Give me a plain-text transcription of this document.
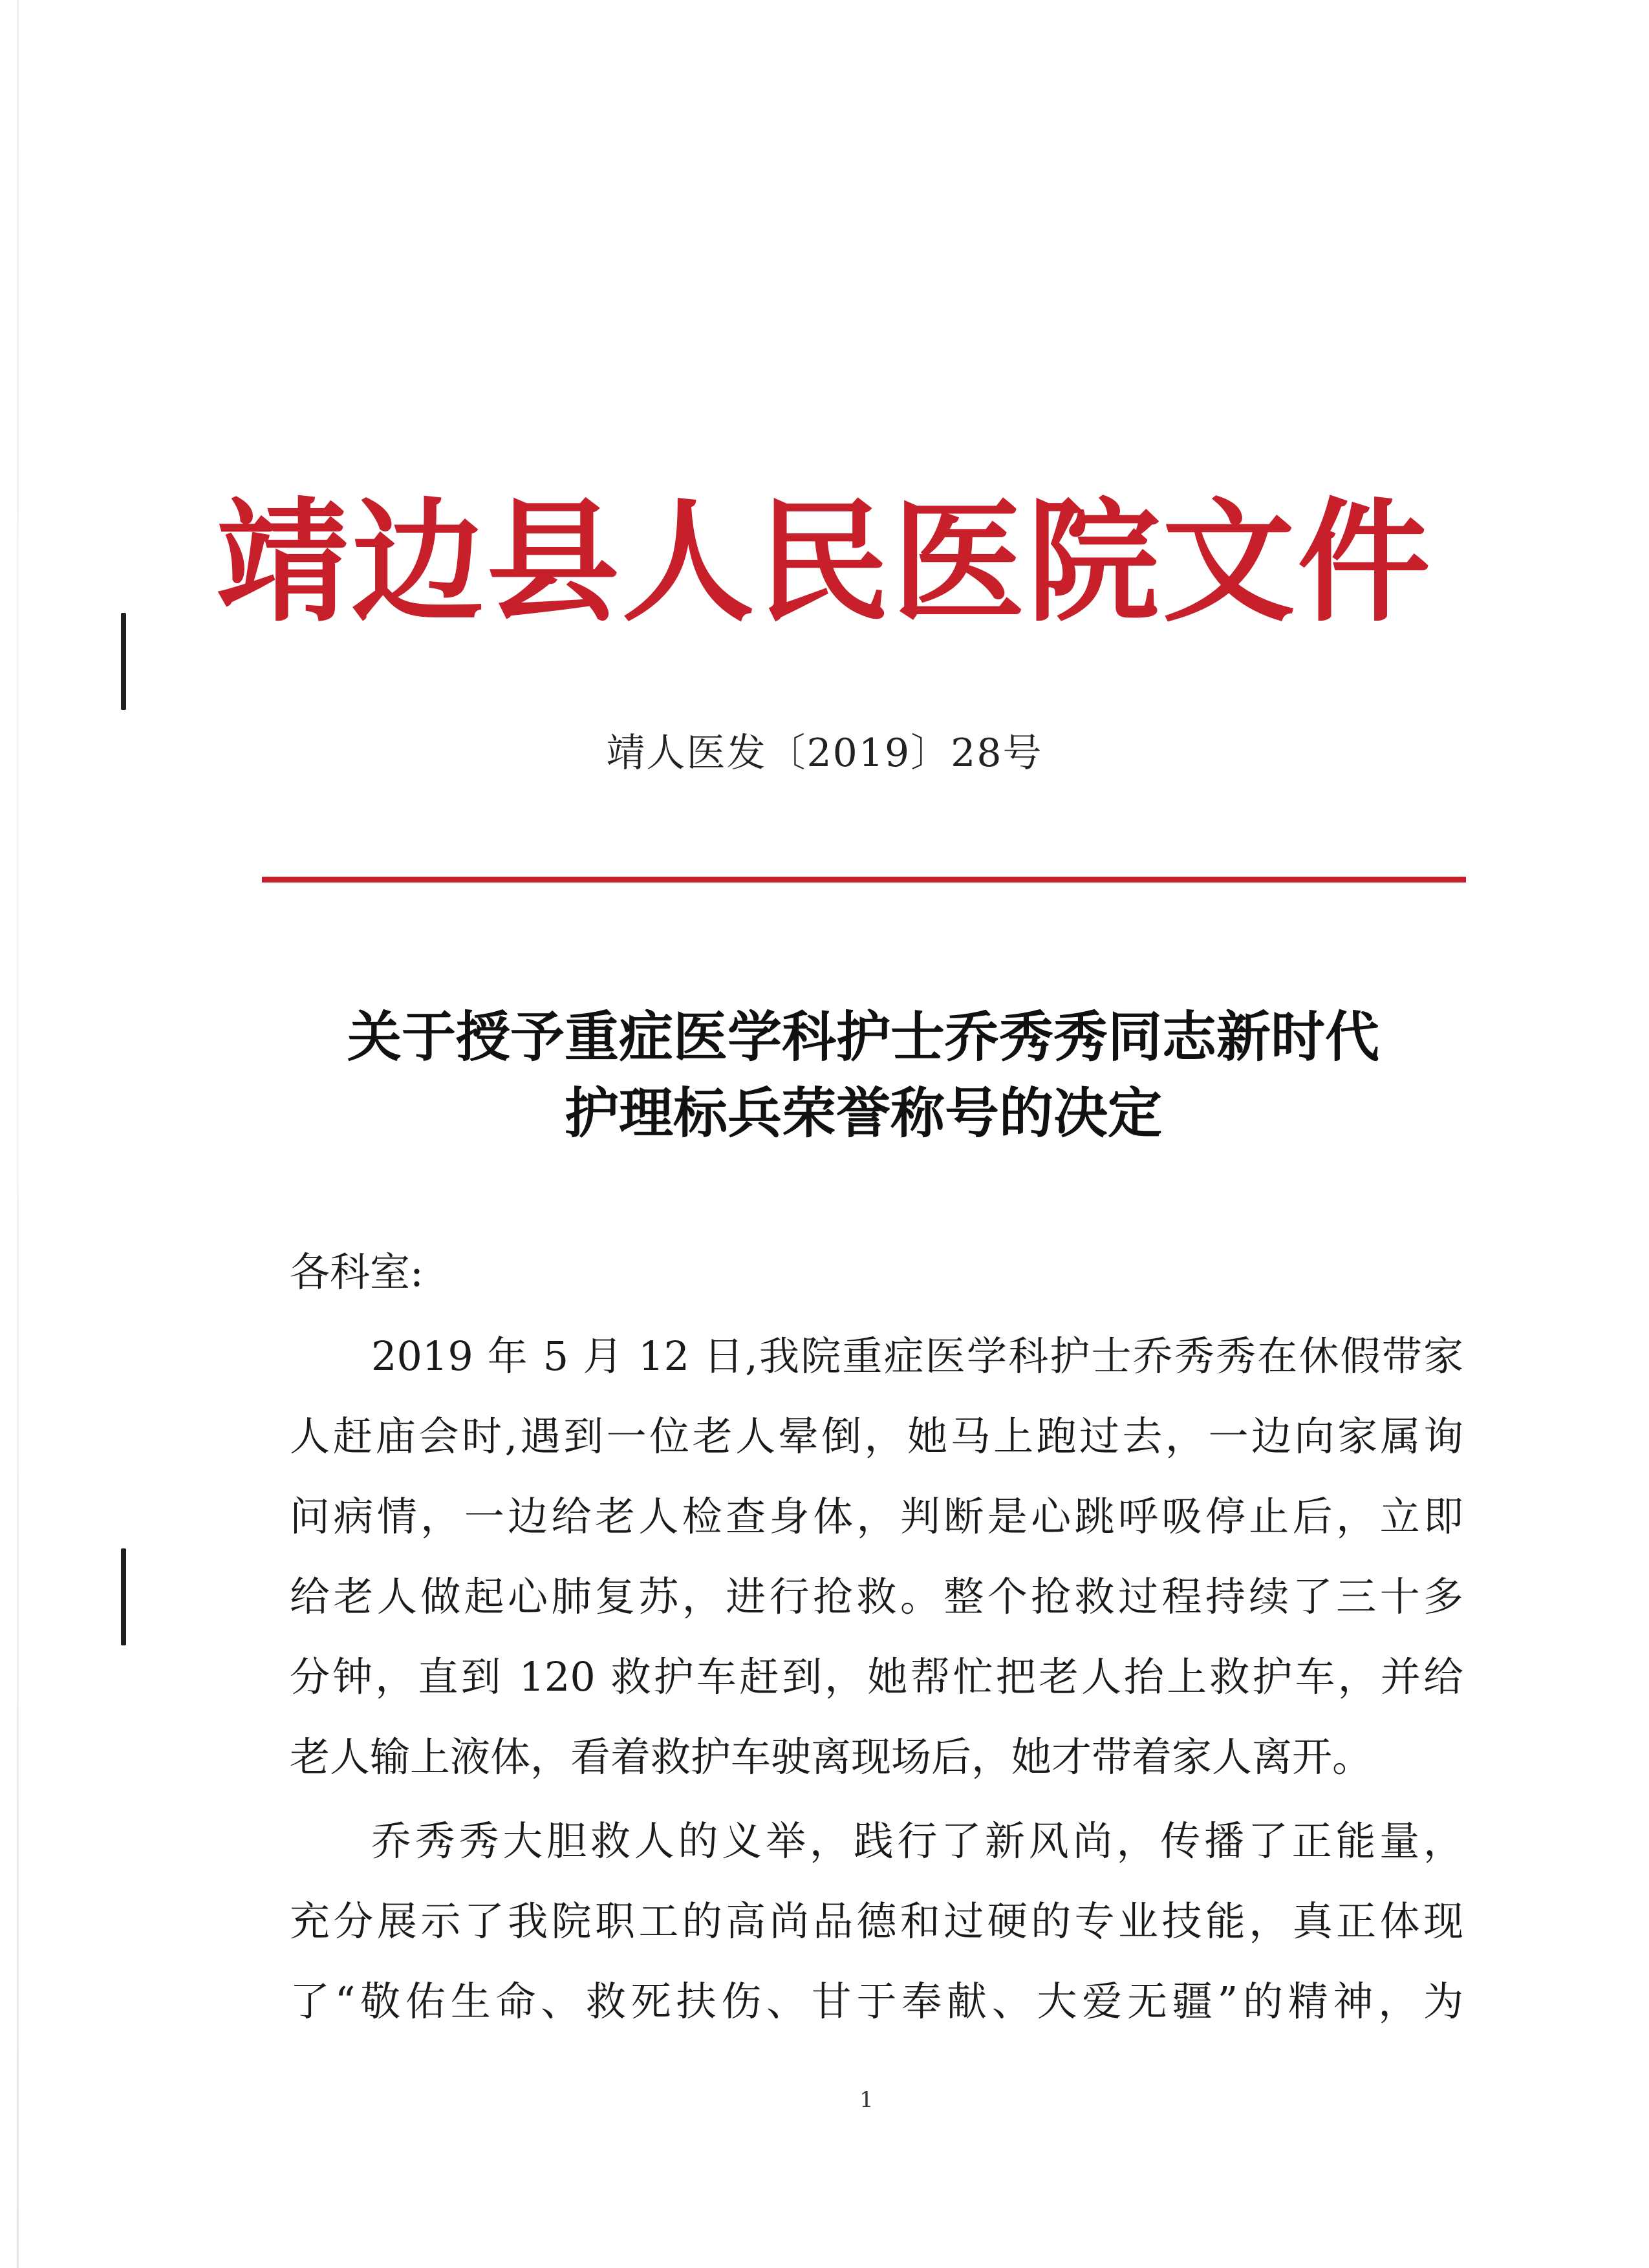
靖边县人民医院文件
靖人医发〔2019〕28号
关于授予重症医学科护士乔秀秀同志新时代
护理标兵荣誉称号的决定
各科室:
2019 年 5 月 12 日,我院重症医学科护士乔秀秀在休假带家
人赶庙会时,遇到一位老人晕倒，她马上跑过去，一边向家属询
问病情，一边给老人检查身体，判断是心跳呼吸停止后，立即
给老人做起心肺复苏，进行抢救。整个抢救过程持续了三十多
分钟，直到 120 救护车赶到，她帮忙把老人抬上救护车，并给
老人输上液体，看着救护车驶离现场后，她才带着家人离开。
乔秀秀大胆救人的义举，践行了新风尚，传播了正能量，
充分展示了我院职工的高尚品德和过硬的专业技能，真正体现
了“敬佑生命、救死扶伤、甘于奉献、大爱无疆”的精神，为
1
